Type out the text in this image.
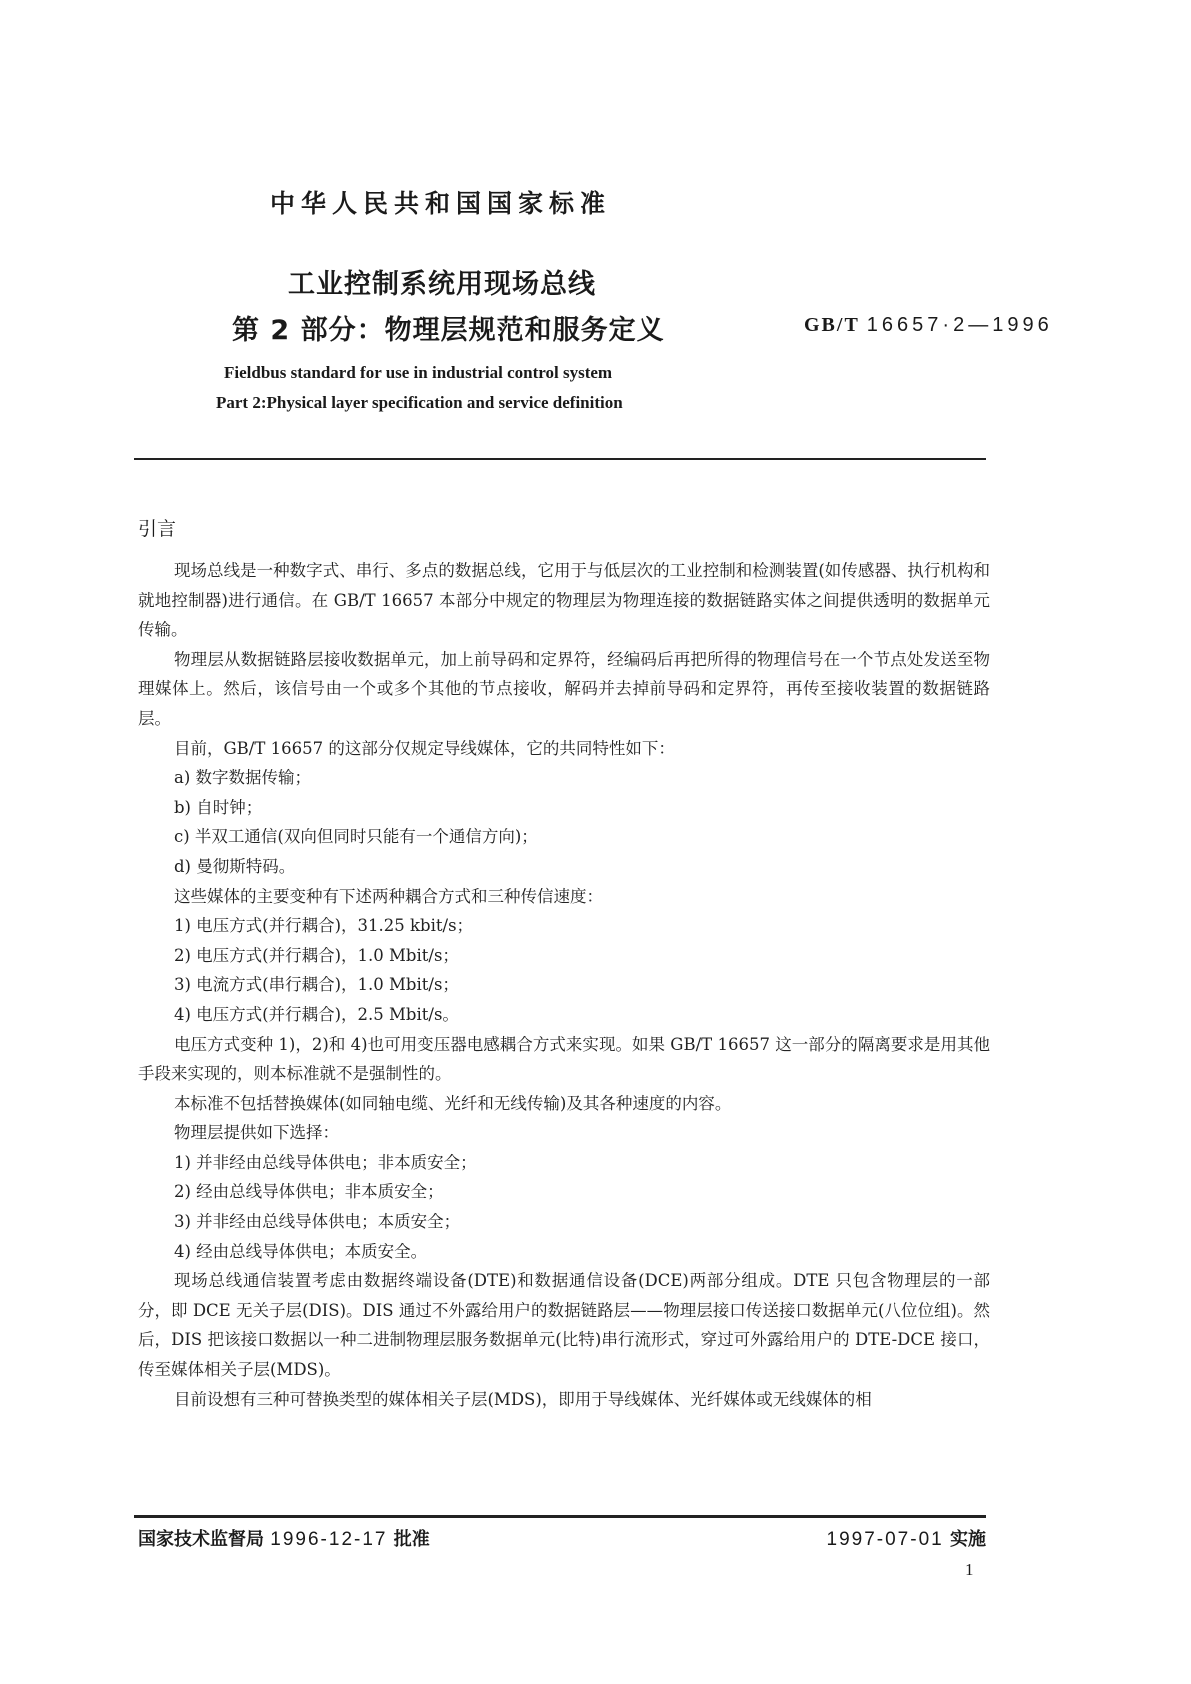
中华人民共和国国家标准
工业控制系统用现场总线
第 2 部分：物理层规范和服务定义	GB/T 16657·2—1996
Fieldbus standard for use in industrial control system
Part 2:Physical layer specification and service definition
引言

现场总线是一种数字式、串行、多点的数据总线，它用于与低层次的工业控制和检测装置(如传感器、执行机构和就地控制器)进行通信。在 GB/T 16657 本部分中规定的物理层为物理连接的数据链路实体之间提供透明的数据单元传输。

物理层从数据链路层接收数据单元，加上前导码和定界符，经编码后再把所得的物理信号在一个节点处发送至物理媒体上。然后，该信号由一个或多个其他的节点接收，解码并去掉前导码和定界符，再传至接收装置的数据链路层。

目前，GB/T 16657 的这部分仅规定导线媒体，它的共同特性如下：

a) 数字数据传输；

b) 自时钟；

c) 半双工通信(双向但同时只能有一个通信方向)；

d) 曼彻斯特码。

这些媒体的主要变种有下述两种耦合方式和三种传信速度：

1) 电压方式(并行耦合)，31.25 kbit/s；

2) 电压方式(并行耦合)，1.0 Mbit/s；

3) 电流方式(串行耦合)，1.0 Mbit/s；

4) 电压方式(并行耦合)，2.5 Mbit/s。

电压方式变种 1)，2)和 4)也可用变压器电感耦合方式来实现。如果 GB/T 16657 这一部分的隔离要求是用其他手段来实现的，则本标准就不是强制性的。

本标准不包括替换媒体(如同轴电缆、光纤和无线传输)及其各种速度的内容。

物理层提供如下选择：

1) 并非经由总线导体供电；非本质安全；

2) 经由总线导体供电；非本质安全；

3) 并非经由总线导体供电；本质安全；

4) 经由总线导体供电；本质安全。

现场总线通信装置考虑由数据终端设备(DTE)和数据通信设备(DCE)两部分组成。DTE 只包含物理层的一部分，即 DCE 无关子层(DIS)。DIS 通过不外露给用户的数据链路层——物理层接口传送接口数据单元(八位位组)。然后，DIS 把该接口数据以一种二进制物理层服务数据单元(比特)串行流形式，穿过可外露给用户的 DTE-DCE 接口，传至媒体相关子层(MDS)。

目前设想有三种可替换类型的媒体相关子层(MDS)，即用于导线媒体、光纤媒体或无线媒体的相

国家技术监督局 1996-12-17 批准	1997-07-01 实施
1
